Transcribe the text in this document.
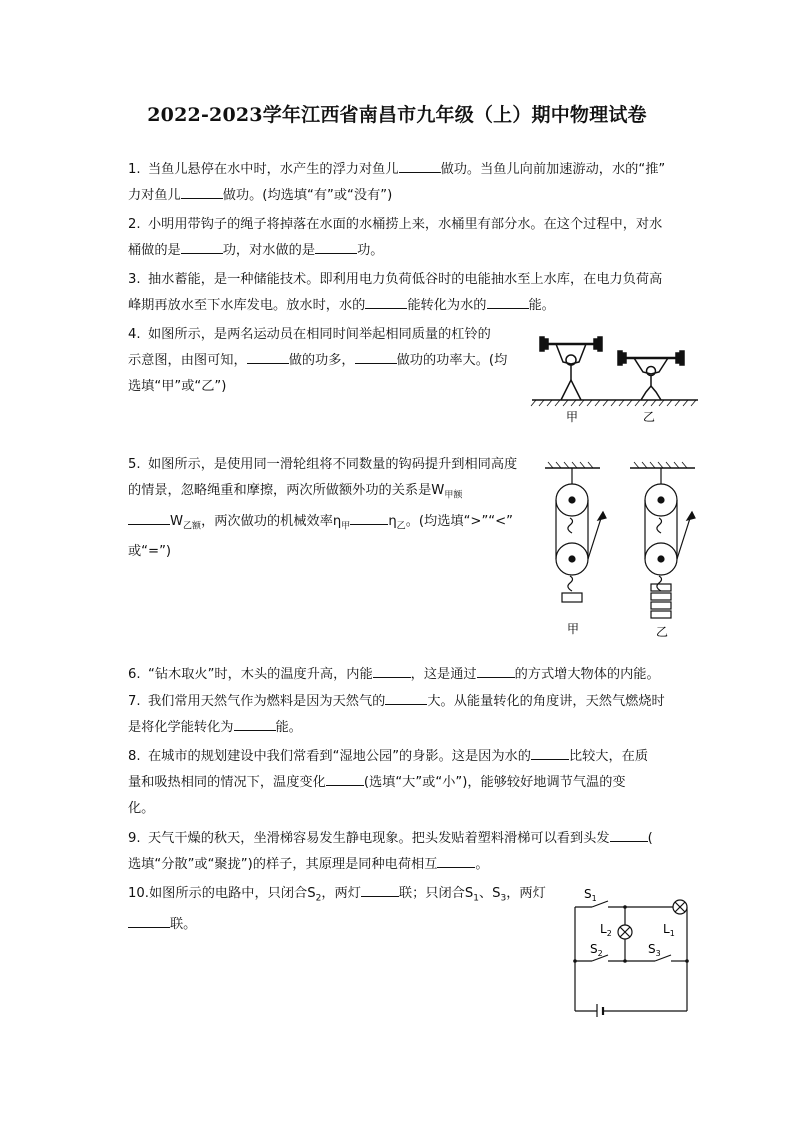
2022-2023学年江西省南昌市九年级（上）期中物理试卷
1. 当鱼儿悬停在水中时，水产生的浮力对鱼儿	做功。当鱼儿向前加速游动，水的“推”
力对鱼儿	做功。(均选填“有”或“没有”)
2. 小明用带钩子的绳子将掉落在水面的水桶捞上来，水桶里有部分水。在这个过程中，对水
桶做的是	功，对水做的是	功。
3. 抽水蓄能，是一种储能技术。即利用电力负荷低谷时的电能抽水至上水库，在电力负荷高
峰期再放水至下水库发电。放水时，水的	能转化为水的	能。
4. 如图所示，是两名运动员在相同时间举起相同质量的杠铃的
示意图，由图可知，	做的功多，	做功的功率大。(均
选填“甲”或“乙”)
甲	乙
5. 如图所示，是使用同一滑轮组将不同数量的钩码提升到相同高度
的情景，忽略绳重和摩擦，两次所做额外功的关系是$W_{甲额}$
$W_{乙额}$，两次做功的机械效率$\eta_甲$	$\eta_乙$。(均选填“>”“<”
或“=”)
甲	乙
6. “钻木取火”时，木头的温度升高，内能	，这是通过	的方式增大物体的内能。
7. 我们常用天然气作为燃料是因为天然气的	大。从能量转化的角度讲，天然气燃烧时
是将化学能转化为	能。
8. 在城市的规划建设中我们常看到“湿地公园”的身影。这是因为水的	比较大，在质
量和吸热相同的情况下，温度变化	(选填“大”或“小”)，能够较好地调节气温的变
化。
9. 天气干燥的秋天，坐滑梯容易发生静电现象。把头发贴着塑料滑梯可以看到头发	(
选填“分散”或“聚拢”)的样子，其原理是同种电荷相互	。
10.如图所示的电路中，只闭合$S_2$，两灯	联；只闭合$S_1$、$S_3$，两灯
联。
$S_1$
$L_1$
$L_2$
$S_2$	$S_3$
